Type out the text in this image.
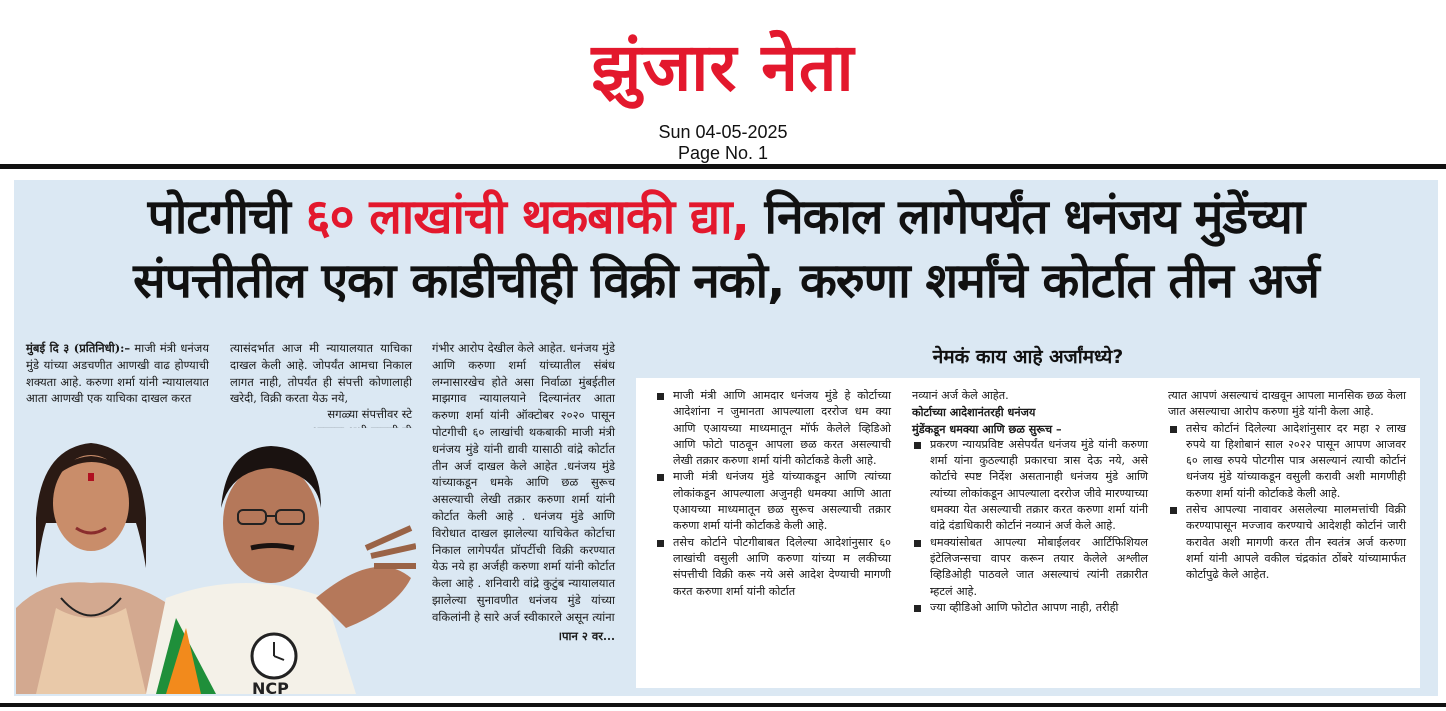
झुंजार नेता
Sun 04-05-2025
Page No. 1
पोटगीची ६० लाखांची थकबाकी द्या, निकाल लागेपर्यंत धनंजय मुंडेंच्या
संपत्तीतील एका काडीचीही विक्री नको, करुणा शर्मांचे कोर्टात तीन अर्ज
मुंबई दि ३ (प्रतिनिधी):– माजी मंत्री धनंजय मुंडे यांच्या अडचणीत आणखी वाढ होण्याची शक्यता आहे. करुणा शर्मा यांनी न्यायालयात आता आणखी एक याचिका दाखल करत
त्यासंदर्भात आज मी न्यायालयात याचिका दाखल केली आहे. जोपर्यंत आमचा निकाल लागत नाही, तोपर्यंत ही संपत्ती कोणालाही खरेदी, विक्री करता येऊ नये,
सगळ्या संपत्तीवर स्टे
गंभीर आरोप देखील केले आहेत. धनंजय मुंडे आणि करुणा शर्मा यांच्यातील संबंध लग्नासारखेच होते असा निर्वाळा मुंबईतील माझगाव न्यायालयाने दिल्यानंतर आता करुणा शर्मा यांनी ऑक्टोबर २०२० पासून पोटगीची ६० लाखांची थकबाकी माजी मंत्री धनंजय मुंडे यांनी द्यावी यासाठी वांद्रे कोर्टात तीन अर्ज दाखल केले आहेत .धनंजय मुंडे यांच्याकडून धमके आणि छळ सुरूच असल्याची लेखी तक्रार करुणा शर्मा यांनी कोर्टात केली आहे . धनंजय मुंडे आणि विरोधात दाखल झालेल्या याचिकेत कोर्टाचा निकाल लागेपर्यंत प्रॉपर्टीची विक्री करण्यात येऊ नये हा अर्जही करुणा शर्मा यांनी कोर्टात केला आहे . शनिवारी वांद्रे कुटुंब न्यायालयात झालेल्या सुनावणीत धनंजय मुंडे यांच्या वकिलांनी हे सारे अर्ज स्वीकारले असून त्यांना
।पान २ वर...
NCP
नेमकं काय आहे अर्जांमध्ये?

माजी मंत्री आणि आमदार धनंजय मुंडे हे कोर्टाच्या आदेशांना न जुमानता आपल्याला दररोज धम क्या आणि एआयच्या माध्यमातून मॉर्फ केलेले व्हिडिओ आणि फोटो पाठवून आपला छळ करत असल्याची लेखी तक्रार करुणा शर्मा यांनी कोर्टाकडे केली आहे.

माजी मंत्री धनंजय मुंडे यांच्याकडून आणि त्यांच्या लोकांकडून आपल्याला अजुनही धमक्या आणि आता एआयच्या माध्यमातून छळ सुरूच असल्याची तक्रार करुणा शर्मा यांनी कोर्टाकडे केली आहे.

तसेच कोर्टाने पोटगीबाबत दिलेल्या आदेशांनुसार ६० लाखांची वसुली आणि करुणा यांच्या म लकीच्या संपत्तीची विक्री करू नये असे आदेश देण्याची मागणी करत करुणा शर्मा यांनी कोर्टात

नव्यानं अर्ज केले आहेत.

कोर्टाच्या आदेशानंतरही धनंजय

मुंडेंकडून धमक्या आणि छळ सुरूच –

प्रकरण न्यायप्रविष्ट असेपर्यंत धनंजय मुंडे यांनी करुणा शर्मा यांना कुठल्याही प्रकारचा त्रास देऊ नये, असे कोर्टाचे स्पष्ट निर्देश असतानाही धनंजय मुंडे आणि त्यांच्या लोकांकडून आपल्याला दररोज जीवे मारण्याच्या धमक्या येत असल्याची तक्रार करत करुणा शर्मा यांनी वांद्रे दंडाधिकारी कोर्टानं नव्यानं अर्ज केले आहे.

धमक्यांसोबत आपल्या मोबाईलवर आर्टिफिशियल इंटेलिजन्सचा वापर करून तयार केलेले अश्लील व्हिडिओही पाठवले जात असल्याचं त्यांनी तक्रारीत म्हटलं आहे.

ज्या व्हीडिओ आणि फोटोत आपण नाही, तरीही

त्यात आपणं असल्याचं दाखवून आपला मानसिक छळ केला जात असल्याचा आरोप करुणा मुंडे यांनी केला आहे.

तसेच कोर्टानं दिलेल्या आदेशांनुसार दर महा २ लाख रुपये या हिशोबानं साल २०२२ पासून आपण आजवर ६० लाख रुपये पोटगीस पात्र असल्यानं त्याची कोर्टानं धनंजय मुंडे यांच्याकडून वसुली करावी अशी मागणीही करुणा शर्मा यांनी कोर्टाकडे केली आहे.

तसेच आपल्या नावावर असलेल्या मालमत्तांची विक्री करण्यापासून मज्जाव करण्याचे आदेशही कोर्टानं जारी करावेत अशी मागणी करत तीन स्वतंत्र अर्ज करुणा शर्मा यांनी आपले वकील चंद्रकांत ठोंबरे यांच्यामार्फत कोर्टापुढे केले आहेत.
